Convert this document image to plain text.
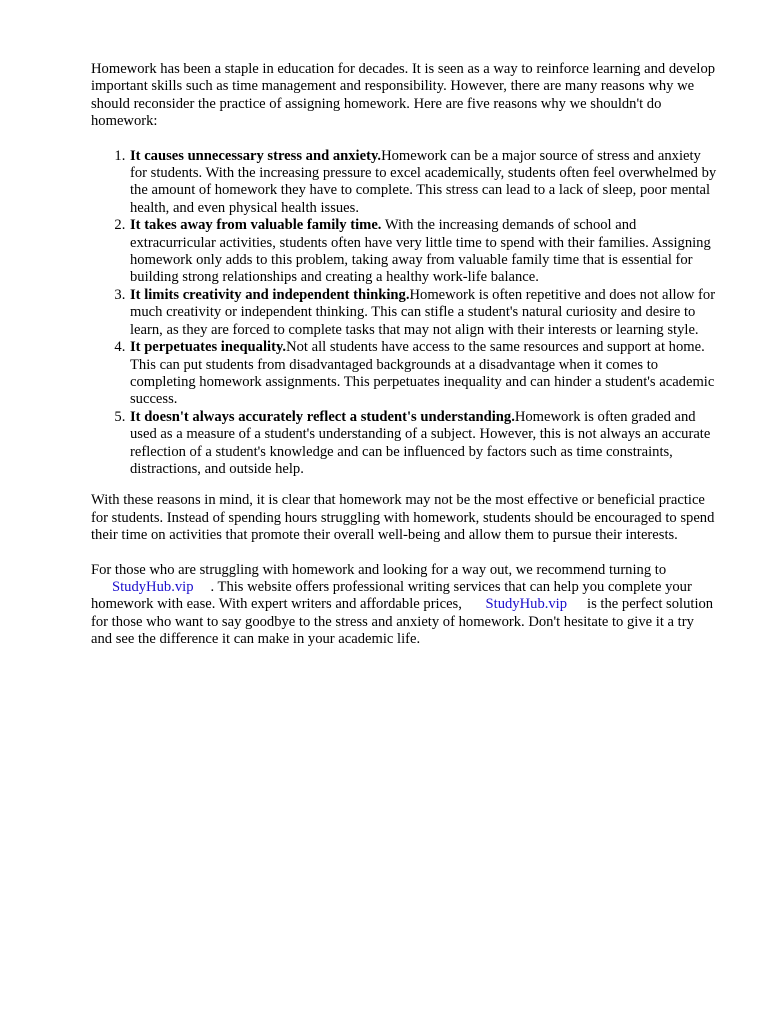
Homework has been a staple in education for decades. It is seen as a way to reinforce learning and develop important skills such as time management and responsibility. However, there are many reasons why we should reconsider the practice of assigning homework. Here are five reasons why we shouldn't do homework:

1. It causes unnecessary stress and anxiety.Homework can be a major source of stress and anxiety for students. With the increasing pressure to excel academically, students often feel overwhelmed by the amount of homework they have to complete. This stress can lead to a lack of sleep, poor mental health, and even physical health issues.
2. It takes away from valuable family time. With the increasing demands of school and extracurricular activities, students often have very little time to spend with their families. Assigning homework only adds to this problem, taking away from valuable family time that is essential for building strong relationships and creating a healthy work-life balance.
3. It limits creativity and independent thinking.Homework is often repetitive and does not allow for much creativity or independent thinking. This can stifle a student's natural curiosity and desire to learn, as they are forced to complete tasks that may not align with their interests or learning style.
4. It perpetuates inequality.Not all students have access to the same resources and support at home. This can put students from disadvantaged backgrounds at a disadvantage when it comes to completing homework assignments. This perpetuates inequality and can hinder a student's academic success.
5. It doesn't always accurately reflect a student's understanding.Homework is often graded and used as a measure of a student's understanding of a subject. However, this is not always an accurate reflection of a student's knowledge and can be influenced by factors such as time constraints, distractions, and outside help.

With these reasons in mind, it is clear that homework may not be the most effective or beneficial practice for students. Instead of spending hours struggling with homework, students should be encouraged to spend their time on activities that promote their overall well-being and allow them to pursue their interests.

For those who are struggling with homework and looking for a way out, we recommend turning to StudyHub.vip . This website offers professional writing services that can help you complete your homework with ease. With expert writers and affordable prices, StudyHub.vip is the perfect solution for those who want to say goodbye to the stress and anxiety of homework. Don't hesitate to give it a try and see the difference it can make in your academic life.
